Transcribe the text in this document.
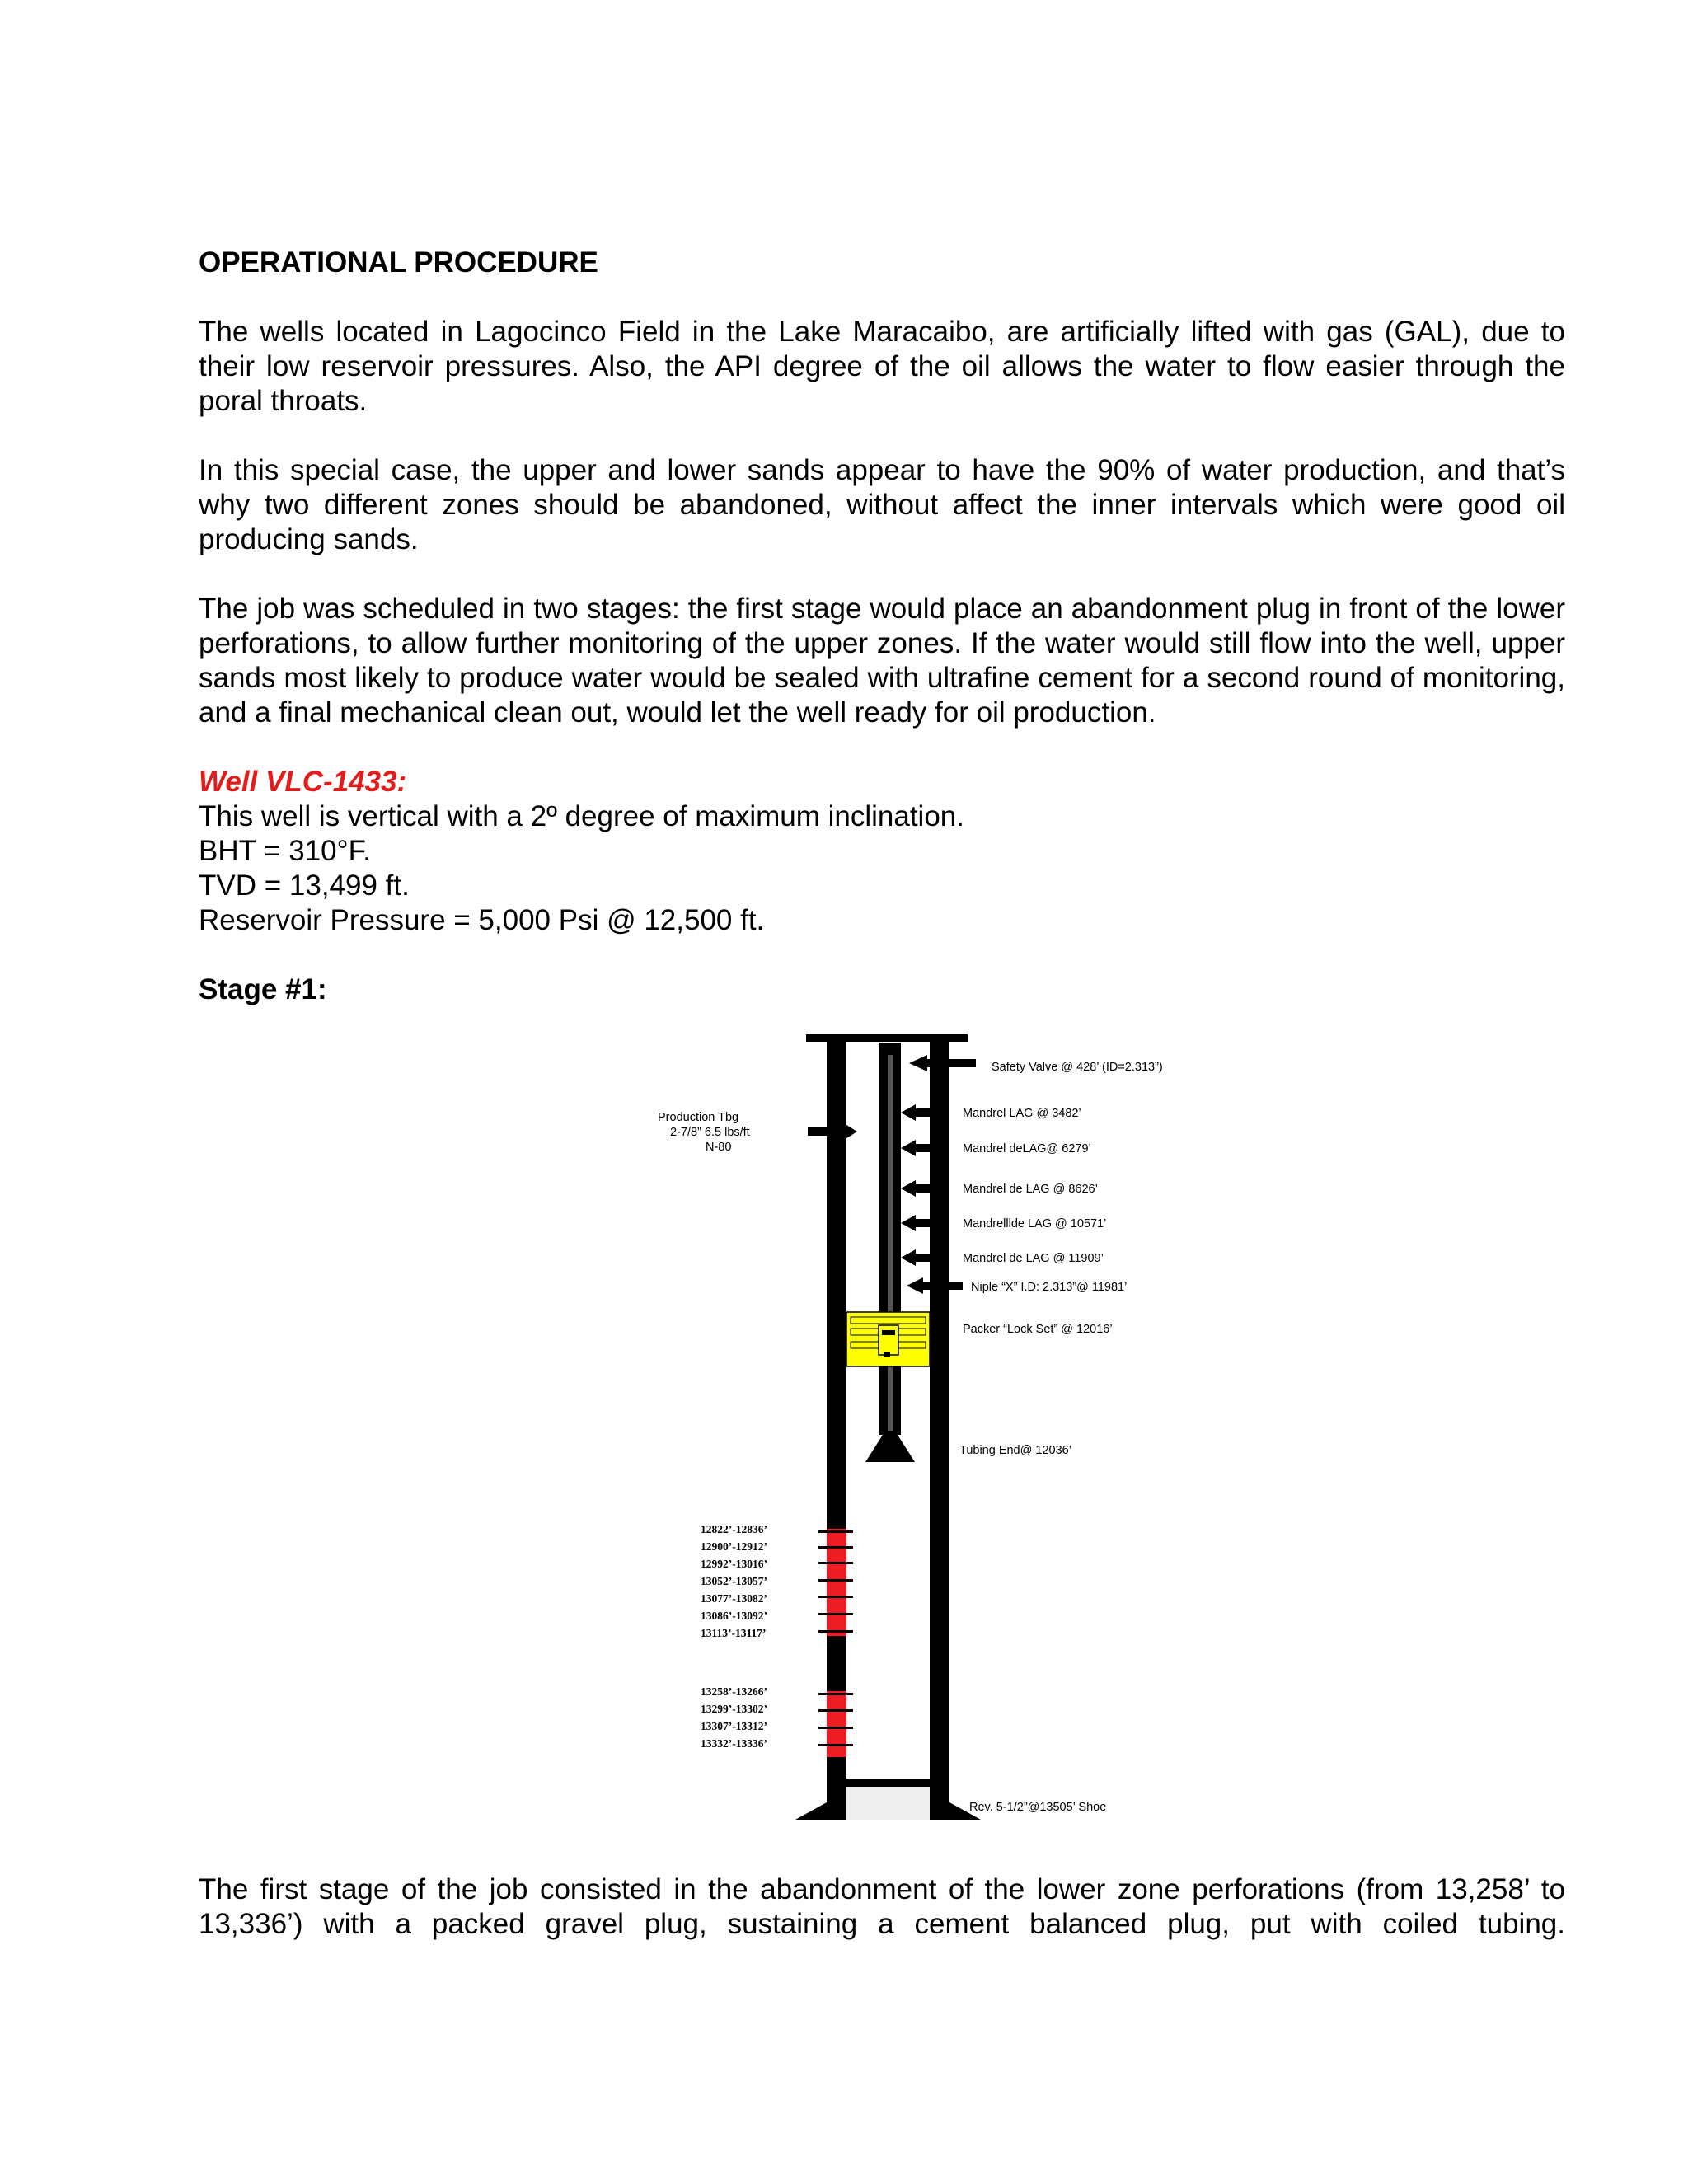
OPERATIONAL PROCEDURE

The wells located in Lagocinco Field in the Lake Maracaibo, are artificially lifted with gas (GAL), due to their low reservoir pressures. Also, the API degree of the oil allows the water to flow easier through the poral throats.

In this special case, the upper and lower sands appear to have the 90% of water production, and that’s why two different zones should be abandoned, without affect the inner intervals which were good oil producing sands.

The job was scheduled in two stages: the first stage would place an abandonment plug in front of the lower perforations, to allow further monitoring of the upper zones. If the water would still flow into the well, upper sands most likely to produce water would be sealed with ultrafine cement for a second round of monitoring, and a final mechanical clean out, would let the well ready for oil production.

Well VLC-1433:

This well is vertical with a 2º degree of maximum inclination.

BHT = 310°F.

TVD = 13,499 ft.

Reservoir Pressure = 5,000 Psi @ 12,500 ft.

Stage #1:

Safety Valve @ 428’ (ID=2.313”)
Mandrel LAG @ 3482’
Mandrel deLAG@ 6279’
Mandrel de LAG @ 8626’
Mandrelllde LAG @ 10571’
Mandrel de LAG @ 11909’
Niple “X” I.D: 2.313”@ 11981’
Packer “Lock Set” @ 12016’
Tubing End@ 12036’
Rev. 5-1/2”@13505’ Shoe
Production Tbg
2-7/8” 6.5 lbs/ft
N-80
12822’-12836’
12900’-12912’
12992’-13016’
13052’-13057’
13077’-13082’
13086’-13092’
13113’-13117’
13258’-13266’
13299’-13302’
13307’-13312’
13332’-13336’

The first stage of the job consisted in the abandonment of the lower zone perforations (from 13,258’ to 13,336’) with a packed gravel plug, sustaining a cement balanced plug, put with coiled tubing.
